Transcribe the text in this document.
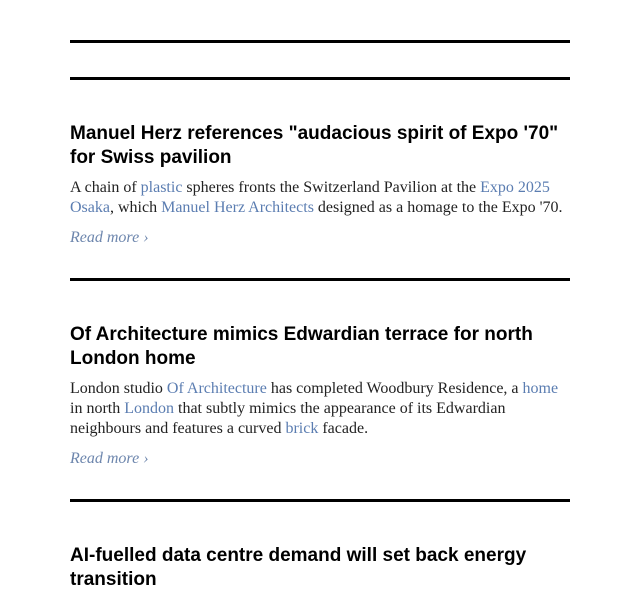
Manuel Herz references "audacious spirit of Expo '70" for Swiss pavilion

A chain of plastic spheres fronts the Switzerland Pavilion at the Expo 2025 Osaka, which Manuel Herz Architects designed as a homage to the Expo '70.

Read more ›
Of Architecture mimics Edwardian terrace for north London home

London studio Of Architecture has completed Woodbury Residence, a home in north London that subtly mimics the appearance of its Edwardian neighbours and features a curved brick facade.

Read more ›
AI-fuelled data centre demand will set back energy transition
